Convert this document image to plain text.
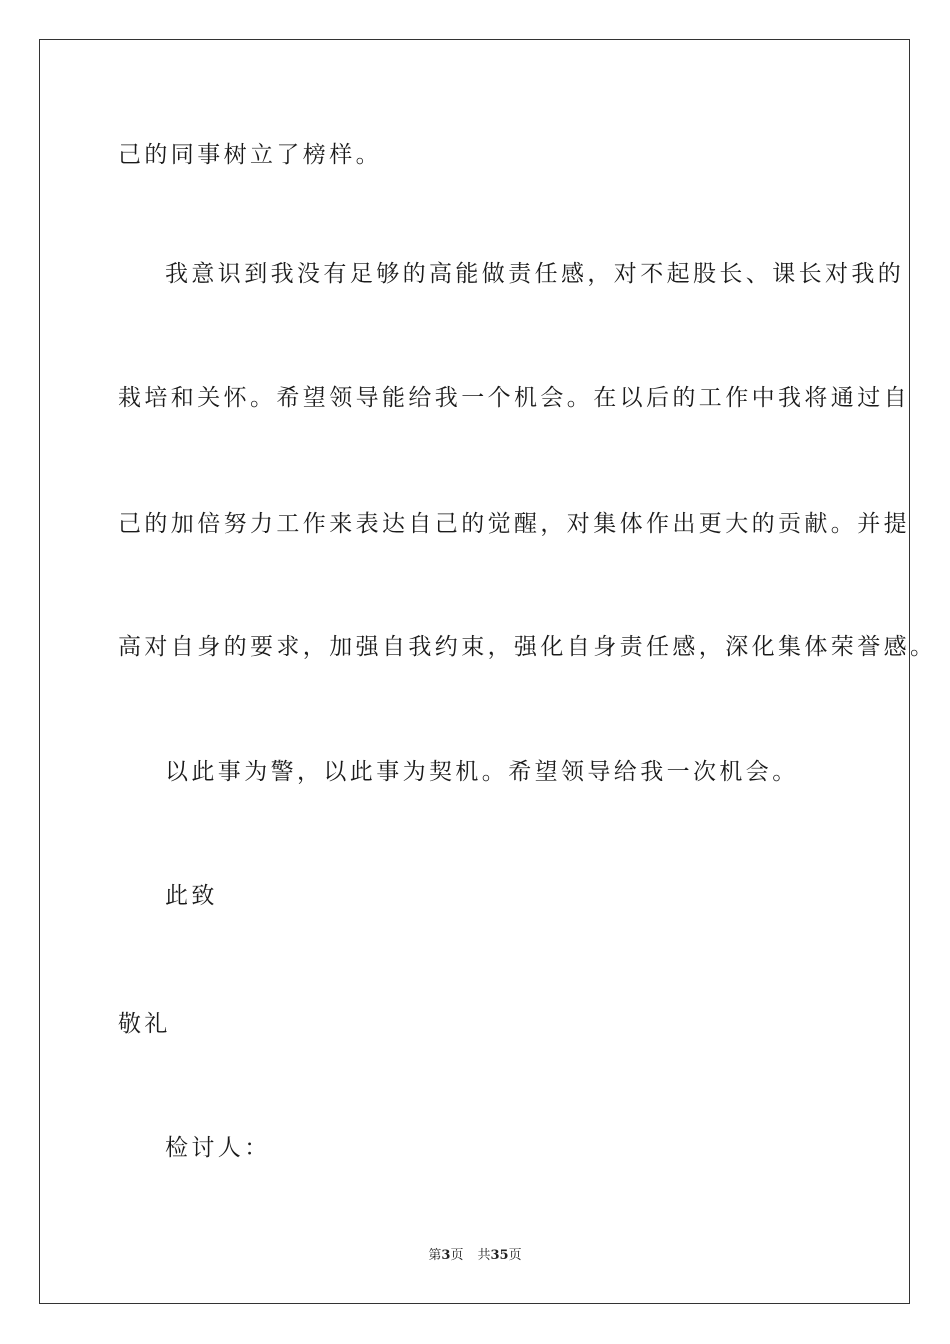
己的同事树立了榜样。

我意识到我没有足够的高能做责任感，对不起股长、课长对我的

栽培和关怀。希望领导能给我一个机会。在以后的工作中我将通过自

己的加倍努力工作来表达自己的觉醒，对集体作出更大的贡献。并提

高对自身的要求，加强自我约束，强化自身责任感，深化集体荣誉感。

以此事为警，以此事为契机。希望领导给我一次机会。

此致

敬礼

检讨人：

第3页 共35页
